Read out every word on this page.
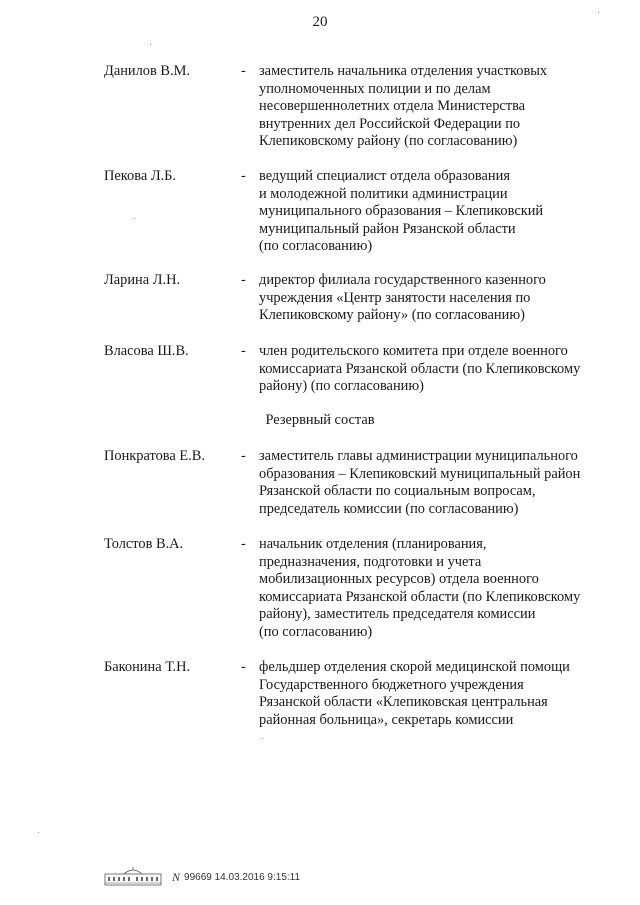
20
Данилов В.М.	- заместитель начальника отделения участковых
уполномоченных полиции и по делам
несовершеннолетних отдела Министерства
внутренних дел Российской Федерации по
Клепиковскому району (по согласованию)
Пекова Л.Б.	- ведущий специалист отдела образования
и молодежной политики администрации
муниципального образования – Клепиковский
муниципальный район Рязанской области
(по согласованию)
Ларина Л.Н.	- директор филиала государственного казенного
учреждения «Центр занятости населения по
Клепиковскому району» (по согласованию)
Власова Ш.В.	- член родительского комитета при отделе военного
комиссариата Рязанской области (по Клепиковскому
району) (по согласованию)
Резервный состав
Понкратова Е.В.	- заместитель главы администрации муниципального
образования – Клепиковский муниципальный район
Рязанской области по социальным вопросам,
председатель комиссии (по согласованию)
Толстов В.А.	- начальник отделения (планирования,
предназначения, подготовки и учета
мобилизационных ресурсов) отдела военного
комиссариата Рязанской области (по Клепиковскому
району), заместитель председателя комиссии
(по согласованию)
Баконина Т.Н.	- фельдшер отделения скорой медицинской помощи
Государственного бюджетного учреждения
Рязанской области «Клепиковская центральная
районная больница», секретарь комиссии
N 99669 14.03.2016 9:15:11
